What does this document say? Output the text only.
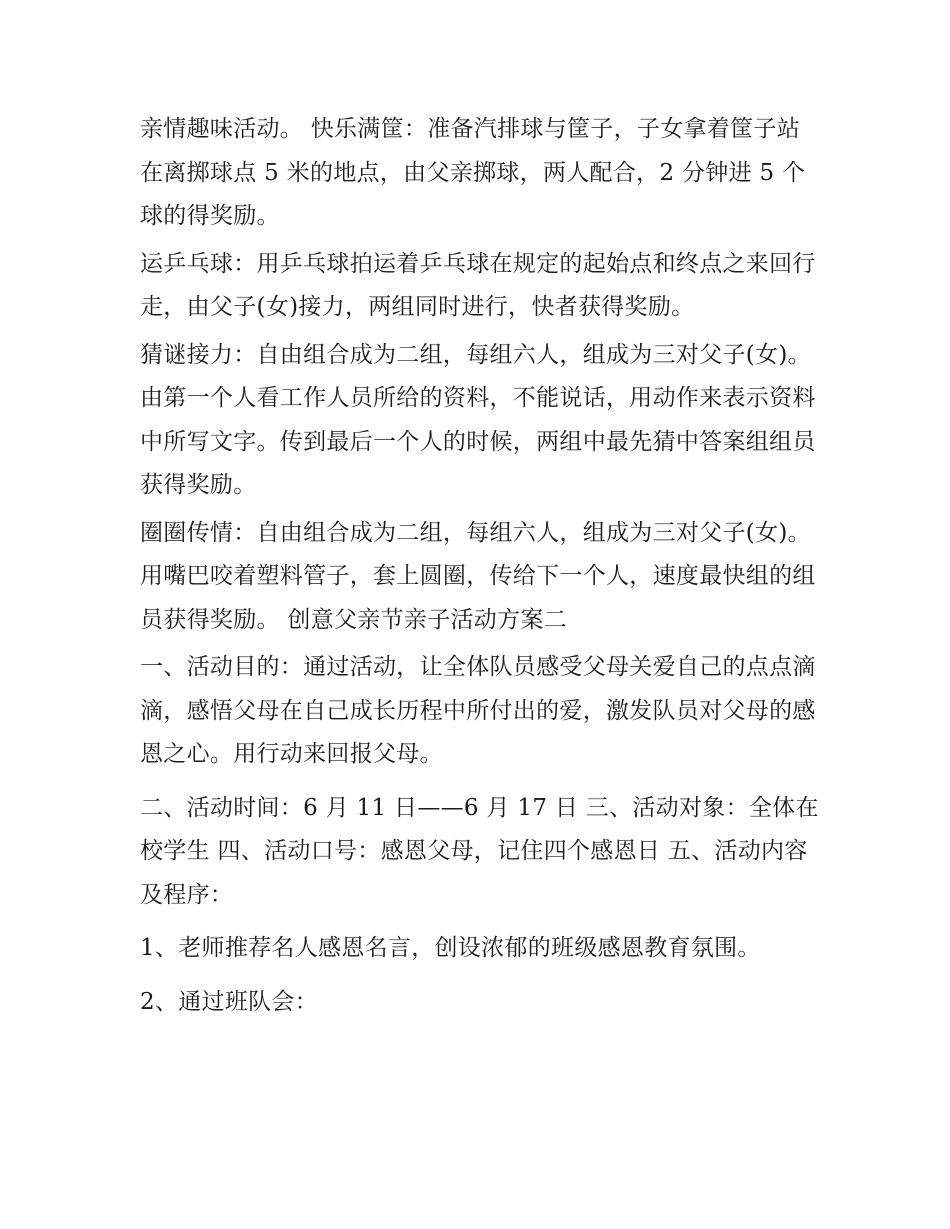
亲情趣味活动。 快乐满筐：准备汽排球与筐子，子女拿着筐子站在离掷球点 5 米的地点，由父亲掷球，两人配合，2 分钟进 5 个球的得奖励。

运乒乓球：用乒乓球拍运着乒乓球在规定的起始点和终点之来回行走，由父子(女)接力，两组同时进行，快者获得奖励。

猜谜接力：自由组合成为二组，每组六人，组成为三对父子(女)。由第一个人看工作人员所给的资料，不能说话，用动作来表示资料中所写文字。传到最后一个人的时候，两组中最先猜中答案组组员获得奖励。

圈圈传情：自由组合成为二组，每组六人，组成为三对父子(女)。用嘴巴咬着塑料管子，套上圆圈，传给下一个人，速度最快组的组员获得奖励。 创意父亲节亲子活动方案二

一、活动目的：通过活动，让全体队员感受父母关爱自己的点点滴滴，感悟父母在自己成长历程中所付出的爱，激发队员对父母的感恩之心。用行动来回报父母。

二、活动时间：6 月 11 日——6 月 17 日 三、活动对象：全体在校学生 四、活动口号：感恩父母，记住四个感恩日 五、活动内容及程序：

1、老师推荐名人感恩名言，创设浓郁的班级感恩教育氛围。

2、通过班队会：
